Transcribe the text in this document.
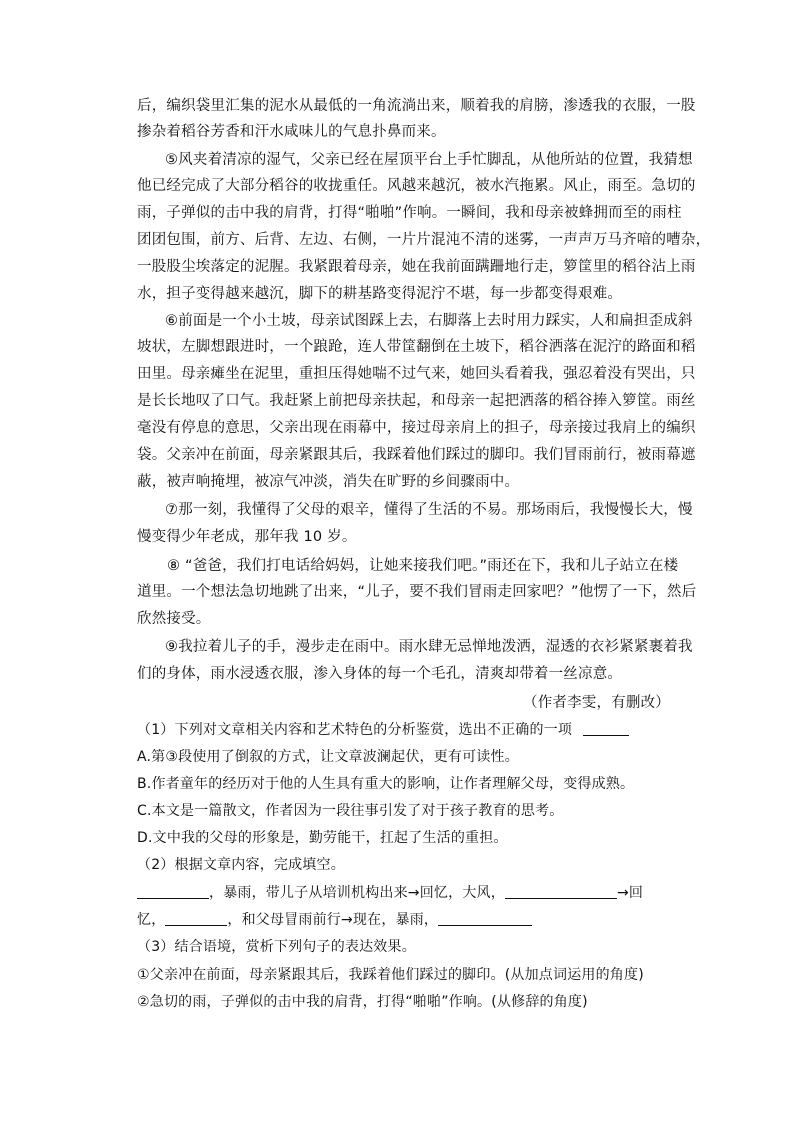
后，编织袋里汇集的泥水从最低的一角流淌出来，顺着我的肩膀，渗透我的衣服，一股
掺杂着稻谷芳香和汗水咸味儿的气息扑鼻而来。
⑤风夹着清凉的湿气，父亲已经在屋顶平台上手忙脚乱，从他所站的位置，我猜想
他已经完成了大部分稻谷的收拢重任。风越来越沉，被水汽拖累。风止，雨至。急切的
雨，子弹似的击中我的肩背，打得“啪啪”作响。一瞬间，我和母亲被蜂拥而至的雨柱
团团包围，前方、后背、左边、右侧，一片片混沌不清的迷雾，一声声万马齐喑的嘈杂，
一股股尘埃落定的泥腥。我紧跟着母亲，她在我前面蹒跚地行走，箩筐里的稻谷沾上雨
水，担子变得越来越沉，脚下的耕基路变得泥泞不堪，每一步都变得艰难。
⑥前面是一个小土坡，母亲试图踩上去，右脚落上去时用力踩实，人和扁担歪成斜
坡状，左脚想跟进时，一个踉跄，连人带筐翻倒在土坡下，稻谷洒落在泥泞的路面和稻
田里。母亲瘫坐在泥里，重担压得她喘不过气来，她回头看着我，强忍着没有哭出，只
是长长地叹了口气。我赶紧上前把母亲扶起，和母亲一起把洒落的稻谷捧入箩筐。雨丝
毫没有停息的意思，父亲出现在雨幕中，接过母亲肩上的担子，母亲接过我肩上的编织
袋。父亲冲在前面，母亲紧跟其后，我踩着他们踩过的脚印。我们冒雨前行，被雨幕遮
蔽，被声响掩埋，被凉气冲淡，消失在旷野的乡间骤雨中。
⑦那一刻，我懂得了父母的艰辛，懂得了生活的不易。那场雨后，我慢慢长大，慢
慢变得少年老成，那年我 10 岁。
⑧ “爸爸，我们打电话给妈妈，让她来接我们吧。”雨还在下，我和儿子站立在楼
道里。一个想法急切地跳了出来，“儿子，要不我们冒雨走回家吧？”他愣了一下，然后
欣然接受。
⑨我拉着儿子的手，漫步走在雨中。雨水肆无忌惮地泼洒，湿透的衣衫紧紧裹着我
们的身体，雨水浸透衣服，渗入身体的每一个毛孔，清爽却带着一丝凉意。
（作者李雯，有删改）
（1）下列对文章相关内容和艺术特色的分析鉴赏，选出不正确的一项
A.第③段使用了倒叙的方式，让文章波澜起伏，更有可读性。
B.作者童年的经历对于他的人生具有重大的影响，让作者理解父母，变得成熟。
C.本文是一篇散文，作者因为一段往事引发了对于孩子教育的思考。
D.文中我的父母的形象是，勤劳能干，扛起了生活的重担。
（2）根据文章内容，完成填空。
，暴雨，带儿子从培训机构出来→回忆，大风，	→回
忆，	，和父母冒雨前行→现在，暴雨，
（3）结合语境，赏析下列句子的表达效果。
①父亲冲在前面，母亲紧跟其后，我踩着他们踩过的脚印。(从加点词运用的角度)
②急切的雨，子弹似的击中我的肩背，打得“啪啪”作响。(从修辞的角度)
